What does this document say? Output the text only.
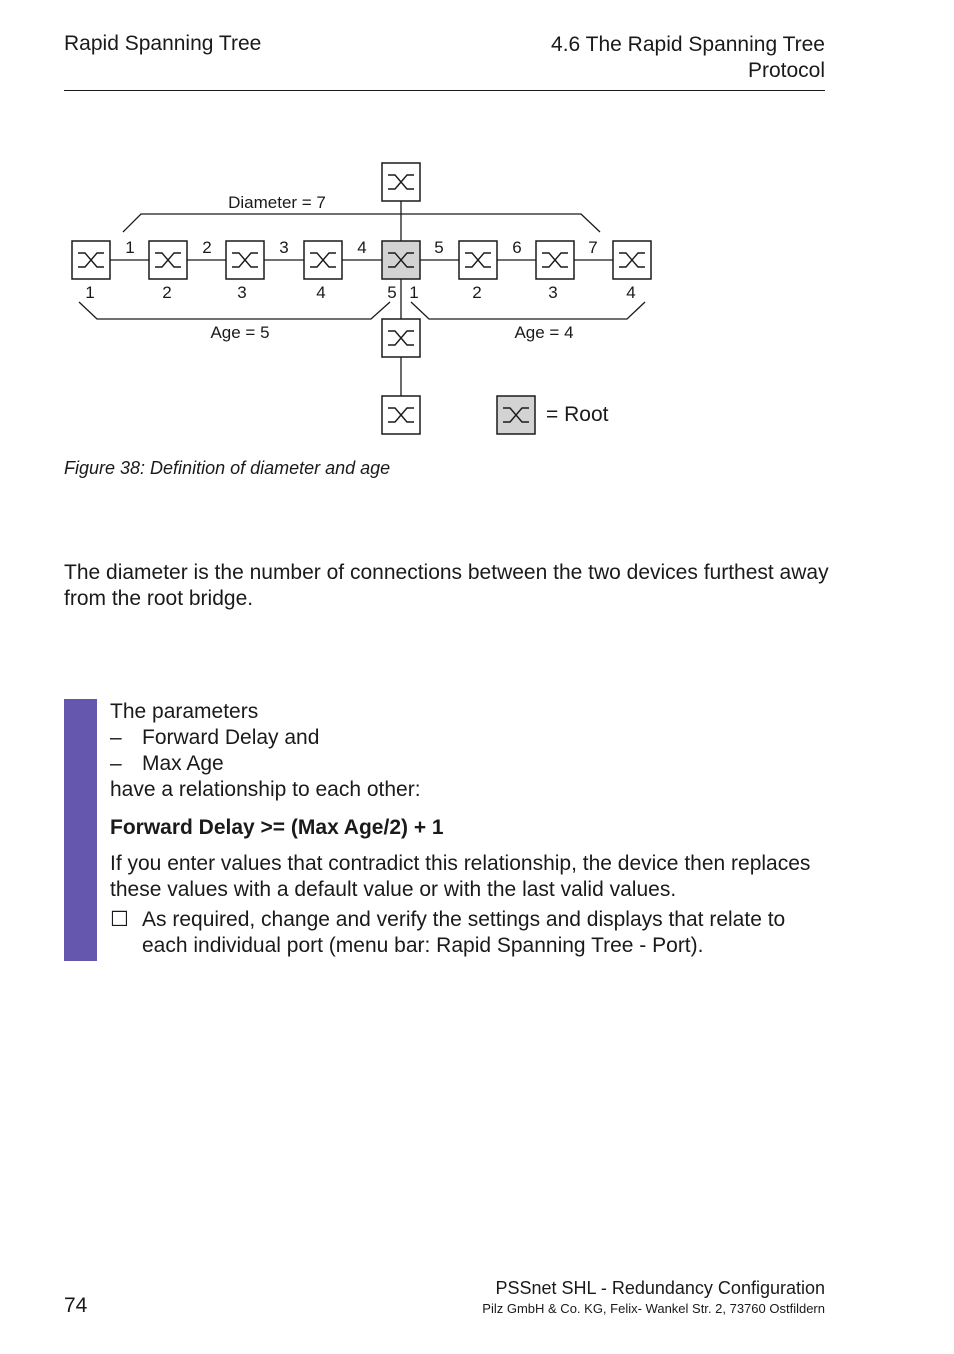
Rapid Spanning Tree	4.6 The Rapid Spanning Tree
Protocol
Diameter = 7
Age = 5	Age = 4
1	2	3	4	5	6	7
1	2	3	4	5 1	2	3	4
= Root
Figure 38: Definition of diameter and age
The diameter is the number of connections between the two devices furthest away from the root bridge.
The parameters
– Forward Delay and
– Max Age
have a relationship to each other:
Forward Delay >= (Max Age/2) + 1
If you enter values that contradict this relationship, the device then replaces these values with a default value or with the last valid values.
☐ As required, change and verify the settings and displays that relate to each individual port (menu bar: Rapid Spanning Tree - Port).
74
PSSnet SHL - Redundancy Configuration
Pilz GmbH & Co. KG, Felix- Wankel Str. 2, 73760 Ostfildern
